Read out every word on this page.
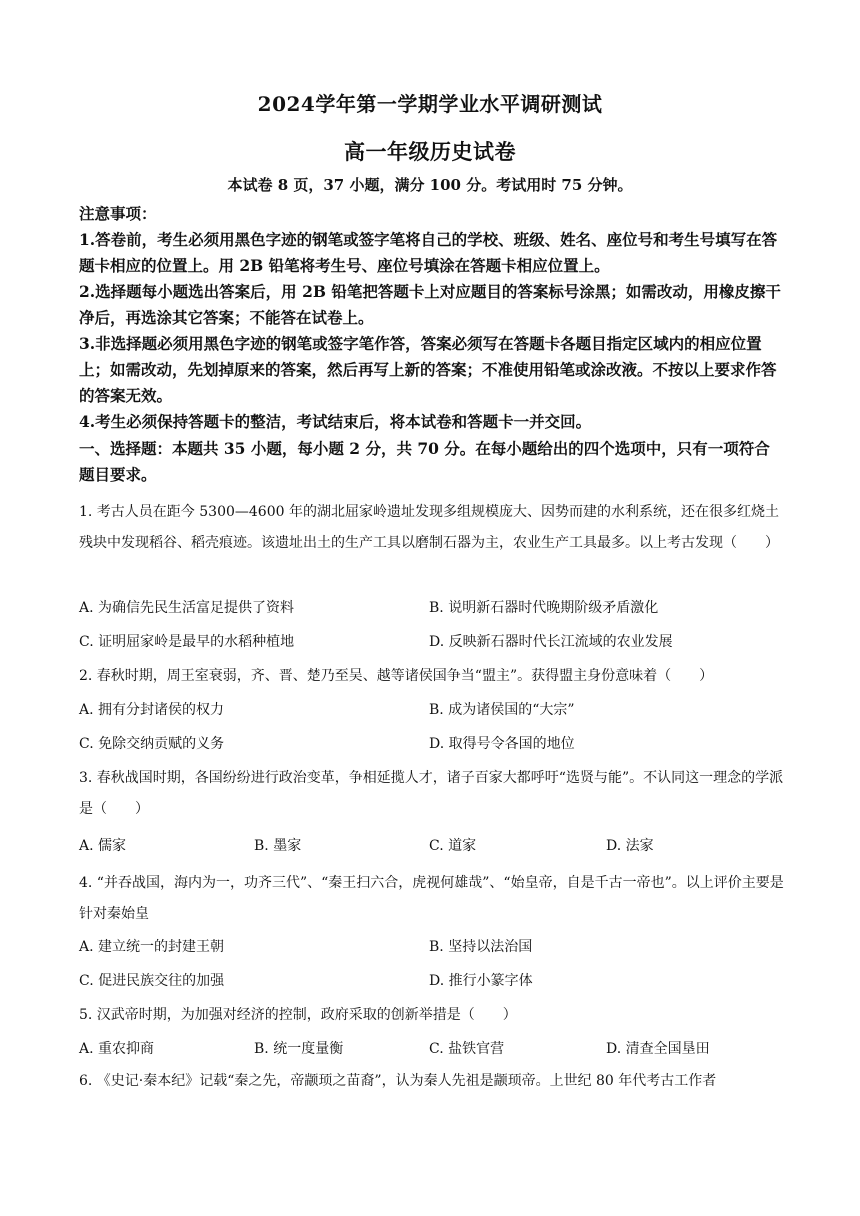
2024学年第一学期学业水平调研测试
高一年级历史试卷
本试卷 8 页，37 小题，满分 100 分。考试用时 75 分钟。
注意事项：
1.答卷前，考生必须用黑色字迹的钢笔或签字笔将自己的学校、班级、姓名、座位号和考生号填写在答题卡相应的位置上。用 2B 铅笔将考生号、座位号填涂在答题卡相应位置上。
2.选择题每小题选出答案后，用 2B 铅笔把答题卡上对应题目的答案标号涂黑；如需改动，用橡皮擦干净后，再选涂其它答案；不能答在试卷上。
3.非选择题必须用黑色字迹的钢笔或签字笔作答，答案必须写在答题卡各题目指定区域内的相应位置上；如需改动，先划掉原来的答案，然后再写上新的答案；不准使用铅笔或涂改液。不按以上要求作答的答案无效。
4.考生必须保持答题卡的整洁，考试结束后，将本试卷和答题卡一并交回。
一、选择题：本题共 35 小题，每小题 2 分，共 70 分。在每小题给出的四个选项中，只有一项符合题目要求。
1. 考古人员在距今 5300—4600 年的湖北屈家岭遗址发现多组规模庞大、因势而建的水利系统，还在很多红烧土残块中发现稻谷、稻壳痕迹。该遗址出土的生产工具以磨制石器为主，农业生产工具最多。以上考古发现（　　）
A. 为确信先民生活富足提供了资料	B. 说明新石器时代晚期阶级矛盾激化
C. 证明屈家岭是最早的水稻种植地	D. 反映新石器时代长江流域的农业发展
2. 春秋时期，周王室衰弱，齐、晋、楚乃至吴、越等诸侯国争当“盟主”。获得盟主身份意味着（　　）
A. 拥有分封诸侯的权力	B. 成为诸侯国的“大宗”
C. 免除交纳贡赋的义务	D. 取得号令各国的地位
3. 春秋战国时期，各国纷纷进行政治变革，争相延揽人才，诸子百家大都呼吁“选贤与能”。不认同这一理念的学派是（　　）
A. 儒家	B. 墨家	C. 道家	D. 法家
4. “并吞战国，海内为一，功齐三代”、“秦王扫六合，虎视何雄哉”、“始皇帝，自是千古一帝也”。以上评价主要是针对秦始皇
A. 建立统一的封建王朝	B. 坚持以法治国
C. 促进民族交往的加强	D. 推行小篆字体
5. 汉武帝时期，为加强对经济的控制，政府采取的创新举措是（　　）
A. 重农抑商	B. 统一度量衡	C. 盐铁官营	D. 清查全国垦田
6. 《史记·秦本纪》记载“秦之先，帝颛顼之苗裔”，认为秦人先祖是颛顼帝。上世纪 80 年代考古工作者
